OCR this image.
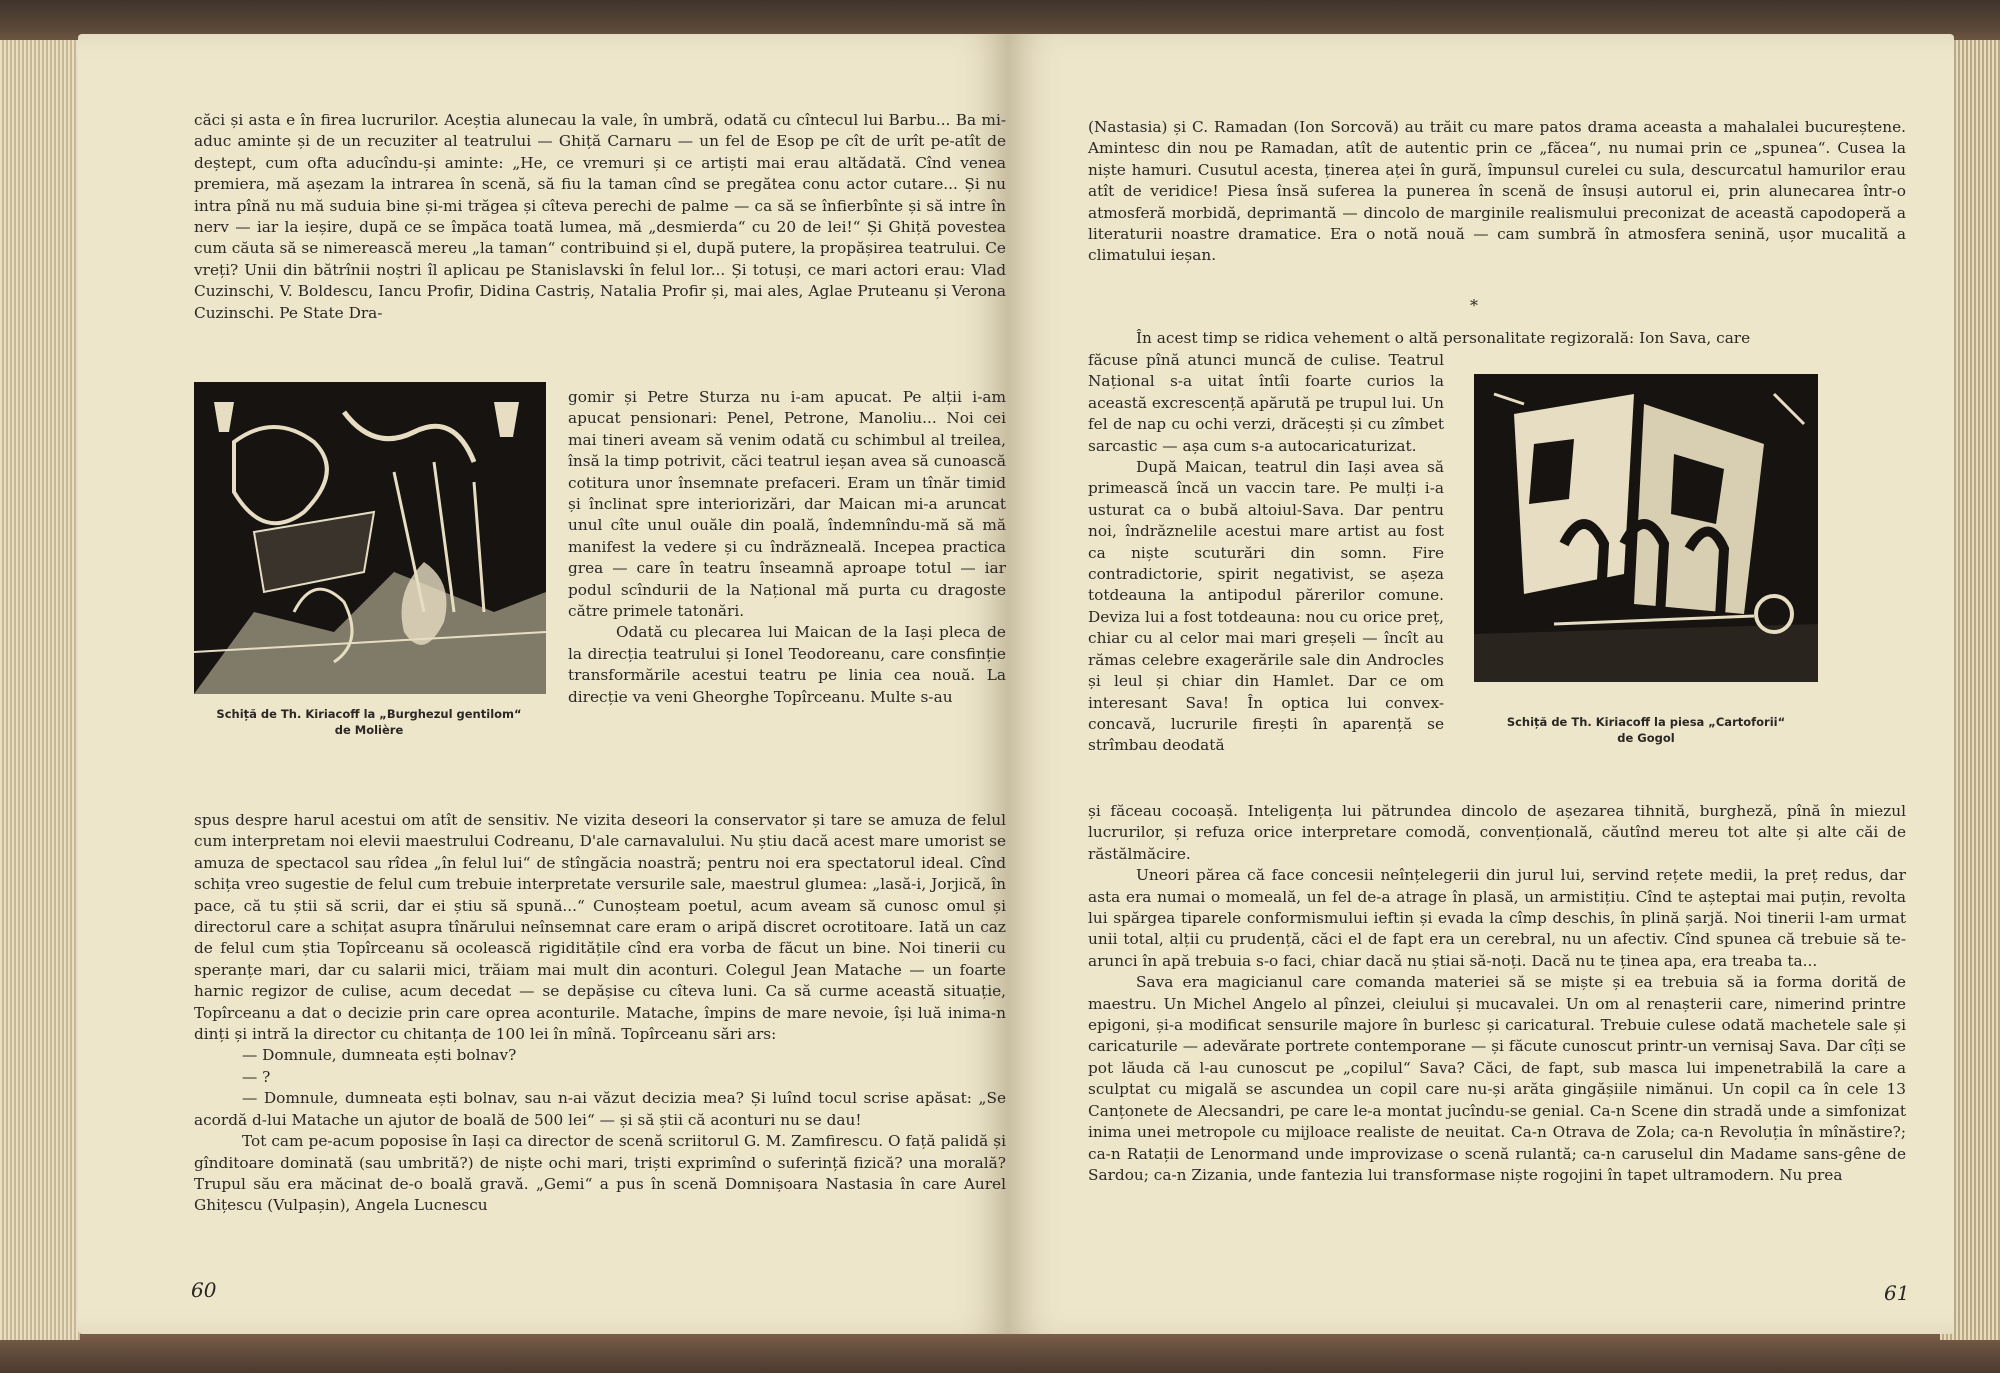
căci și asta e în firea lucrurilor. Aceștia alunecau la vale, în umbră, odată cu cîntecul lui Barbu... Ba mi-aduc aminte și de un recuziter al teatrului — Ghiță Carnaru — un fel de Esop pe cît de urît pe-atît de deștept, cum ofta aducîndu-și aminte: „He, ce vremuri și ce artiști mai erau altădată. Cînd venea premiera, mă așezam la intrarea în scenă, să fiu la taman cînd se pregătea conu actor cutare... Și nu intra pînă nu mă suduia bine și-mi trăgea și cîteva perechi de palme — ca să se înfierbînte și să intre în nerv — iar la ieșire, după ce se împăca toată lumea, mă „desmierda“ cu 20 de lei!“ Și Ghiță povestea cum căuta să se nimerească mereu „la taman“ contribuind și el, după putere, la propășirea teatrului. Ce vreți? Unii din bătrînii noștri îl aplicau pe Stanislavski în felul lor... Și totuși, ce mari actori erau: Vlad Cuzinschi, V. Boldescu, Iancu Profir, Didina Castriș, Natalia Profir și, mai ales, Aglae Pruteanu și Verona Cuzinschi. Pe State Dra-

Schiță de Th. Kiriacoff la „Burghezul gentilom“
de Molière

gomir și Petre Sturza nu i-am apucat. Pe alții i-am apucat pensionari: Penel, Petrone, Manoliu... Noi cei mai tineri aveam să venim odată cu schimbul al treilea, însă la timp potrivit, căci teatrul ieșan avea să cunoască cotitura unor însemnate prefaceri. Eram un tînăr timid și înclinat spre interiorizări, dar Maican mi-a aruncat unul cîte unul ouăle din poală, îndemnîndu-mă să mă manifest la vedere și cu îndrăzneală. Incepea practica grea — care în teatru înseamnă aproape totul — iar podul scîndurii de la Național mă purta cu dragoste către primele tatonări.

Odată cu plecarea lui Maican de la Iași pleca de la direcția teatrului și Ionel Teodoreanu, care consfinție transformările acestui teatru pe linia cea nouă. La direcție va veni Gheorghe Topîrceanu. Multe s-au

spus despre harul acestui om atît de sensitiv. Ne vizita deseori la conservator și tare se amuza de felul cum interpretam noi elevii maestrului Codreanu, D'ale carnavalului. Nu știu dacă acest mare umorist se amuza de spectacol sau rîdea „în felul lui“ de stîngăcia noastră; pentru noi era spectatorul ideal. Cînd schița vreo sugestie de felul cum trebuie interpretate versurile sale, maestrul glumea: „lasă-i, Jorjică, în pace, că tu știi să scrii, dar ei știu să spună...“ Cunoșteam poetul, acum aveam să cunosc omul și directorul care a schițat asupra tînărului neînsemnat care eram o aripă discret ocrotitoare. Iată un caz de felul cum știa Topîrceanu să ocolească rigiditățile cînd era vorba de făcut un bine. Noi tinerii cu speranțe mari, dar cu salarii mici, trăiam mai mult din aconturi. Colegul Jean Matache — un foarte harnic regizor de culise, acum decedat — se depășise cu cîteva luni. Ca să curme această situație, Topîrceanu a dat o decizie prin care oprea aconturile. Matache, împins de mare nevoie, își luă inima-n dinți și intră la director cu chitanța de 100 lei în mînă. Topîrceanu sări ars:

— Domnule, dumneata ești bolnav?

— ?

— Domnule, dumneata ești bolnav, sau n-ai văzut decizia mea? Și luînd tocul scrise apăsat: „Se acordă d-lui Matache un ajutor de boală de 500 lei“ — și să știi că aconturi nu se dau!

Tot cam pe-acum poposise în Iași ca director de scenă scriitorul G. M. Zamfirescu. O față palidă și gînditoare dominată (sau umbrită?) de niște ochi mari, triști exprimînd o suferință fizică? una morală? Trupul său era măcinat de-o boală gravă. „Gemi“ a pus în scenă Domnișoara Nastasia în care Aurel Ghițescu (Vulpașin), Angela Lucnescu

60

(Nastasia) și C. Ramadan (Ion Sorcovă) au trăit cu mare patos drama aceasta a mahalalei bucureștene. Amintesc din nou pe Ramadan, atît de autentic prin ce „făcea“, nu numai prin ce „spunea“. Cusea la niște hamuri. Cusutul acesta, ținerea aței în gură, împunsul curelei cu sula, descurcatul hamurilor erau atît de veridice! Piesa însă suferea la punerea în scenă de însuși autorul ei, prin alunecarea într-o atmosferă morbidă, deprimantă — dincolo de marginile realismului preconizat de această capodoperă a literaturii noastre dramatice. Era o notă nouă — cam sumbră în atmosfera senină, ușor mucalită a climatului ieșan.

*

În acest timp se ridica vehement o altă personalitate regizorală: Ion Sava, care

făcuse pînă atunci muncă de culise. Teatrul Național s-a uitat întîi foarte curios la această excrescență apărută pe trupul lui. Un fel de nap cu ochi verzi, drăcești și cu zîmbet sarcastic — așa cum s-a autocaricaturizat.

După Maican, teatrul din Iași avea să primească încă un vaccin tare. Pe mulți i-a usturat ca o bubă altoiul-Sava. Dar pentru noi, îndrăznelile acestui mare artist au fost ca niște scuturări din somn. Fire contradictorie, spirit negativist, se așeza totdeauna la antipodul părerilor comune. Deviza lui a fost totdeauna: nou cu orice preț, chiar cu al celor mai mari greșeli — încît au rămas celebre exagerările sale din Androcles și leul și chiar din Hamlet. Dar ce om interesant Sava! În optica lui convex-concavă, lucrurile firești în aparență se strîmbau deodată

Schiță de Th. Kiriacoff la piesa „Cartoforii“
de Gogol

și făceau cocoașă. Inteligența lui pătrundea dincolo de așezarea tihnită, burgheză, pînă în miezul lucrurilor, și refuza orice interpretare comodă, convențională, căutînd mereu tot alte și alte căi de răstălmăcire.

Uneori părea că face concesii neînțelegerii din jurul lui, servind rețete medii, la preț redus, dar asta era numai o momeală, un fel de-a atrage în plasă, un armistițiu. Cînd te așteptai mai puțin, revolta lui spărgea tiparele conformismului ieftin și evada la cîmp deschis, în plină șarjă. Noi tinerii l-am urmat unii total, alții cu prudență, căci el de fapt era un cerebral, nu un afectiv. Cînd spunea că trebuie să te-arunci în apă trebuia s-o faci, chiar dacă nu știai să-noți. Dacă nu te ținea apa, era treaba ta...

Sava era magicianul care comanda materiei să se miște și ea trebuia să ia forma dorită de maestru. Un Michel Angelo al pînzei, cleiului și mucavalei. Un om al renașterii care, nimerind printre epigoni, și-a modificat sensurile majore în burlesc și caricatural. Trebuie culese odată machetele sale și caricaturile — adevărate portrete contemporane — și făcute cunoscut printr-un vernisaj Sava. Dar cîți se pot lăuda că l-au cunoscut pe „copilul“ Sava? Căci, de fapt, sub masca lui impenetrabilă la care a sculptat cu migală se ascundea un copil care nu-și arăta gingășiile nimănui. Un copil ca în cele 13 Canțonete de Alecsandri, pe care le-a montat jucîndu-se genial. Ca-n Scene din stradă unde a simfonizat inima unei metropole cu mijloace realiste de neuitat. Ca-n Otrava de Zola; ca-n Revoluția în mînăstire?; ca-n Ratații de Lenormand unde improvizase o scenă rulantă; ca-n caruselul din Madame sans-gêne de Sardou; ca-n Zizania, unde fantezia lui transformase niște rogojini în tapet ultramodern. Nu prea

61
